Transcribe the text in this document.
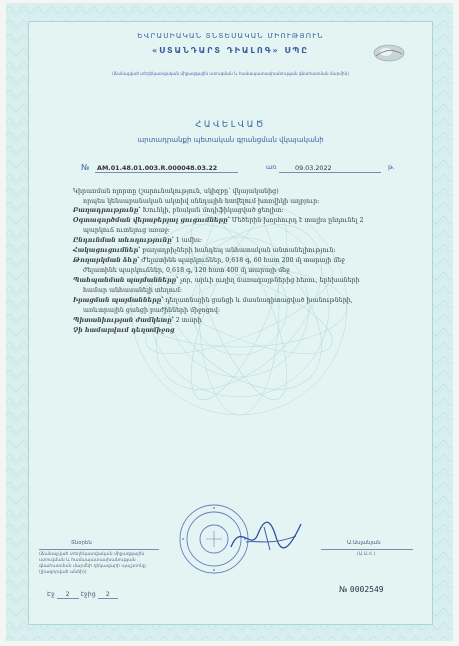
ԵՎՐԱՍԻԱԿԱՆ ՏՆՏԵՍԱԿԱՆ ՄԻՈՒԹՅՈՒՆ
«ՍՏԱՆԴԱՐՏ ԴԻԱԼՈԳ» ՍՊԸ
(Ճանաչված տեղեկատվական միջազգային ստուգման և համապատասխանության գնահատման մարմին)
ՀԱՎԵԼՎԱԾ
արտադրանքի պետական գրանցման վկայականի
№ AM.01.48.01.003.R.000048.03.22	առ	09.03.2022	թ.
Կիրառման ոլորտը (շարունակություն, սկիզբը՝ վկայականից)
որպես կենսաբանական ակտիվ սննդային հավելում խոռվիկի աղբյուր:
Բաղադրությունը՝ Խունկի, բնական մոդիֆիկացված ցեոլիտ:
Օգտագործման վերաբերյալ ցուցումները՝ Մեծերին խորհուրդ է տալիս ընդունել 2
պարկուճ ուտելուց առաջ:
Ընդունման տևողությունը՝ 1 ամիս:
Հակացուցումներ՝ բաղադրիչների հանդեպ անհատական անտանելիություն:
Թողարկման ձևը՝ Ժելատինե պարկուճներ, 0,618 գ, 60 հատ 200 մլ տարայի մեջ
ժելատինե պարկուճներ, 0,618 գ, 120 հատ 400 մլ տարայի մեջ
Պահպանման պայմանները՝ չոր, արևի ուղիղ ճառագայթներից հեռու, երեխաների
համար անհասանելի տեղում:
Իրացման պայմանները՝ դեղատնային ցանցի և մասնագիտացված խանութների,
առևտրային ցանցի բաժինների միջոցով:
Պիտանիության ժամկետը՝ 2 տարի
Չի համարվում դեղամիջոց
Տնօրեն
(Ճանաչված տեղեկատվական միջազգային ստուգման և համապատասխանության գնահատման մարմնի ղեկավարի պաշտոնը (լիազորված անձի))
Ա.Ասլանյան
(Ա.Ա.Հ.)
Էջ 2 էջից 2	№ 0002549
